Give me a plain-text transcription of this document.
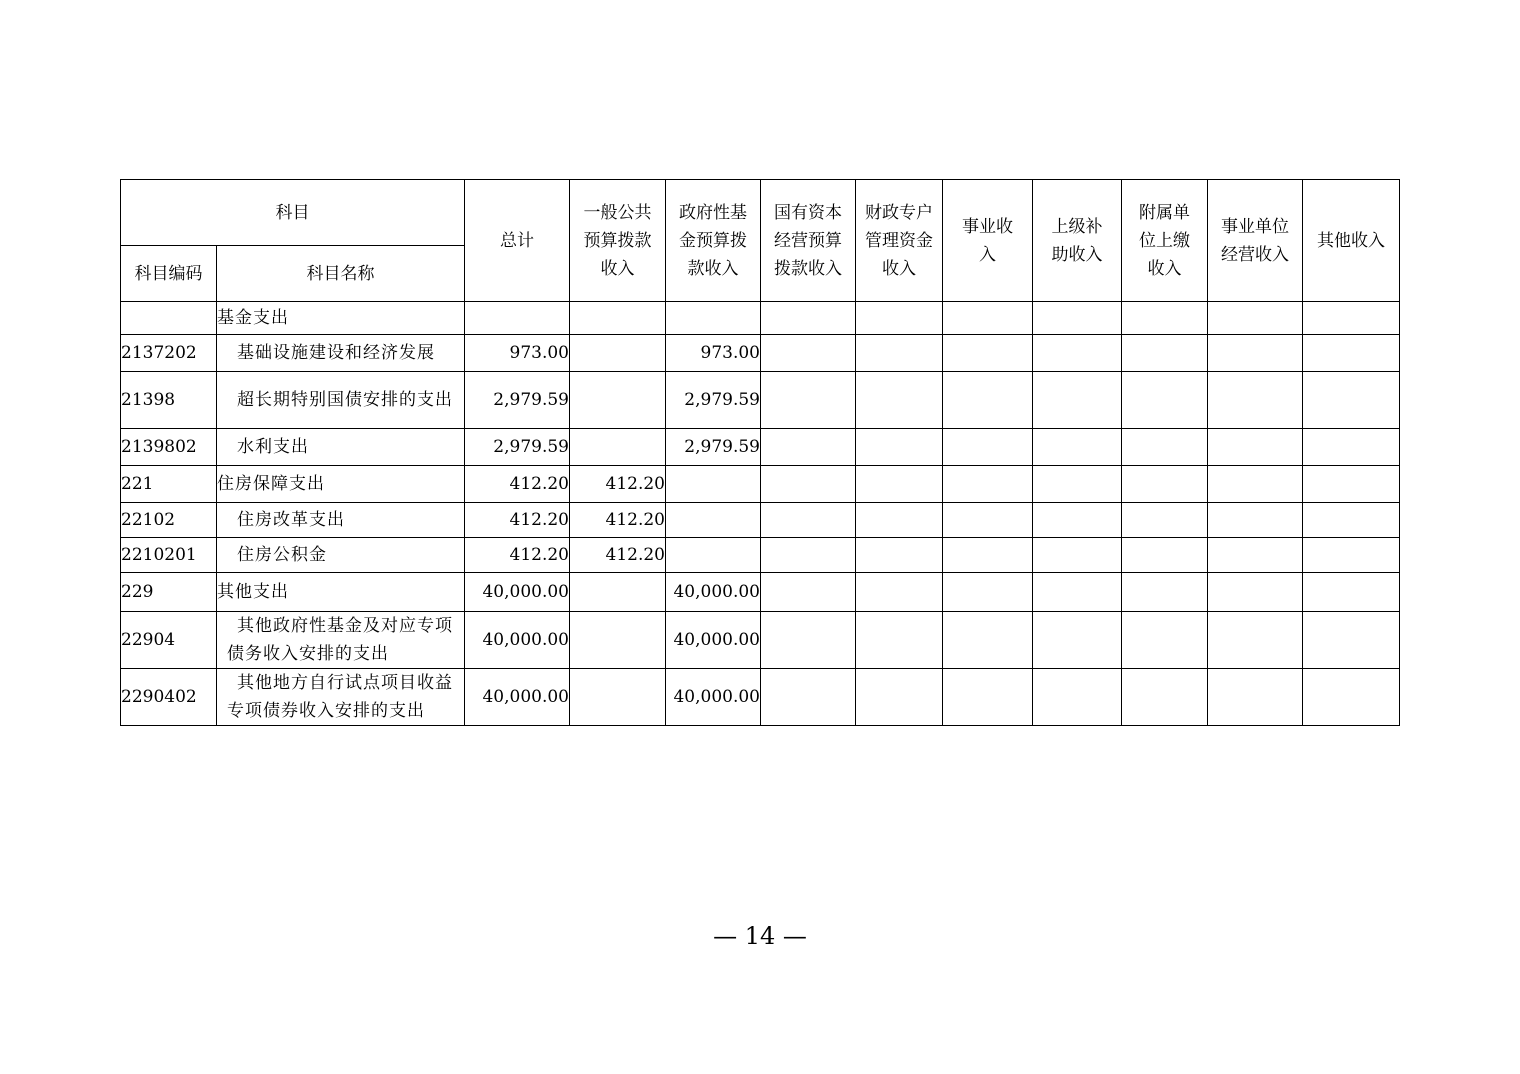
科目		总计	一般公共预算拨款收入	政府性基金预算拨款收入	国有资本经营预算拨款收入	财政专户管理资金收入	事业收入	上级补助收入	附属单位上缴收入	事业单位经营收入	其他收入
科目编码	科目名称										
	基金支出										
2137202	基础设施建设和经济发展	973.00		973.00							
21398	超长期特别国债安排的支出	2,979.59		2,979.59							
2139802	水利支出	2,979.59		2,979.59							
221	住房保障支出	412.20	412.20								
22102	住房改革支出	412.20	412.20								
2210201	住房公积金	412.20	412.20								
229	其他支出	40,000.00		40,000.00							
22904	其他政府性基金及对应专项债务收入安排的支出	40,000.00		40,000.00							
2290402	其他地方自行试点项目收益专项债券收入安排的支出	40,000.00		40,000.00							
— 14 —
